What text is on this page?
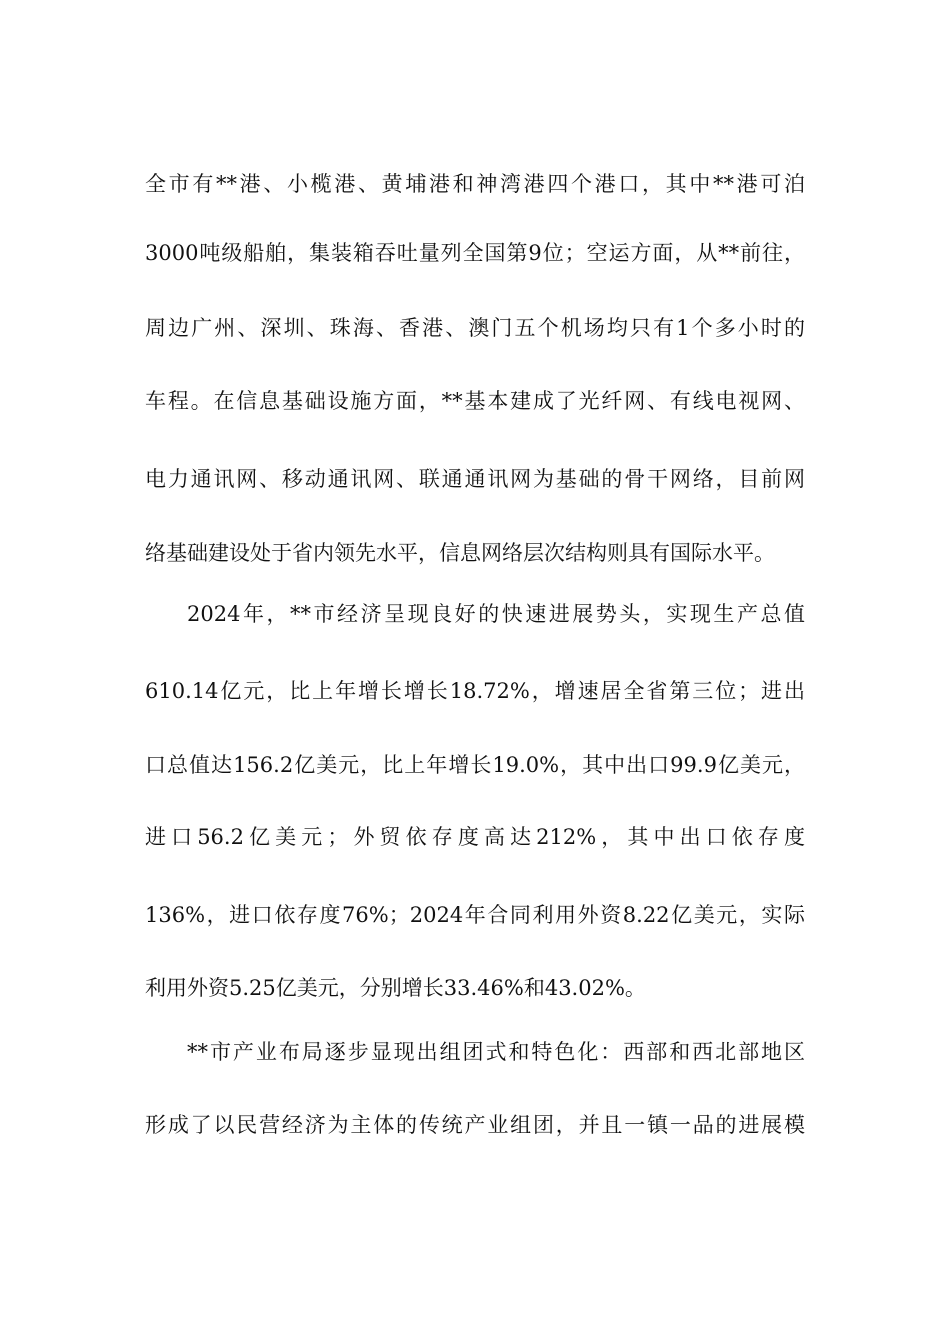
全市有**港、小榄港、黄埔港和神湾港四个港口，其中**港可泊
3000吨级船舶，集装箱吞吐量列全国第9位；空运方面，从**前往，
周边广州、深圳、珠海、香港、澳门五个机场均只有1个多小时的
车程。在信息基础设施方面，**基本建成了光纤网、有线电视网、
电力通讯网、移动通讯网、联通通讯网为基础的骨干网络，目前网
络基础建设处于省内领先水平，信息网络层次结构则具有国际水平。
2024年，**市经济呈现良好的快速进展势头，实现生产总值
610.14亿元，比上年增长增长18.72%，增速居全省第三位；进出
口总值达156.2亿美元，比上年增长19.0%，其中出口99.9亿美元，
进口56.2亿美元；外贸依存度高达212%，其中出口依存度
136%，进口依存度76%；2024年合同利用外资8.22亿美元，实际
利用外资5.25亿美元，分别增长33.46%和43.02%。
**市产业布局逐步显现出组团式和特色化：西部和西北部地区
形成了以民营经济为主体的传统产业组团，并且一镇一品的进展模
